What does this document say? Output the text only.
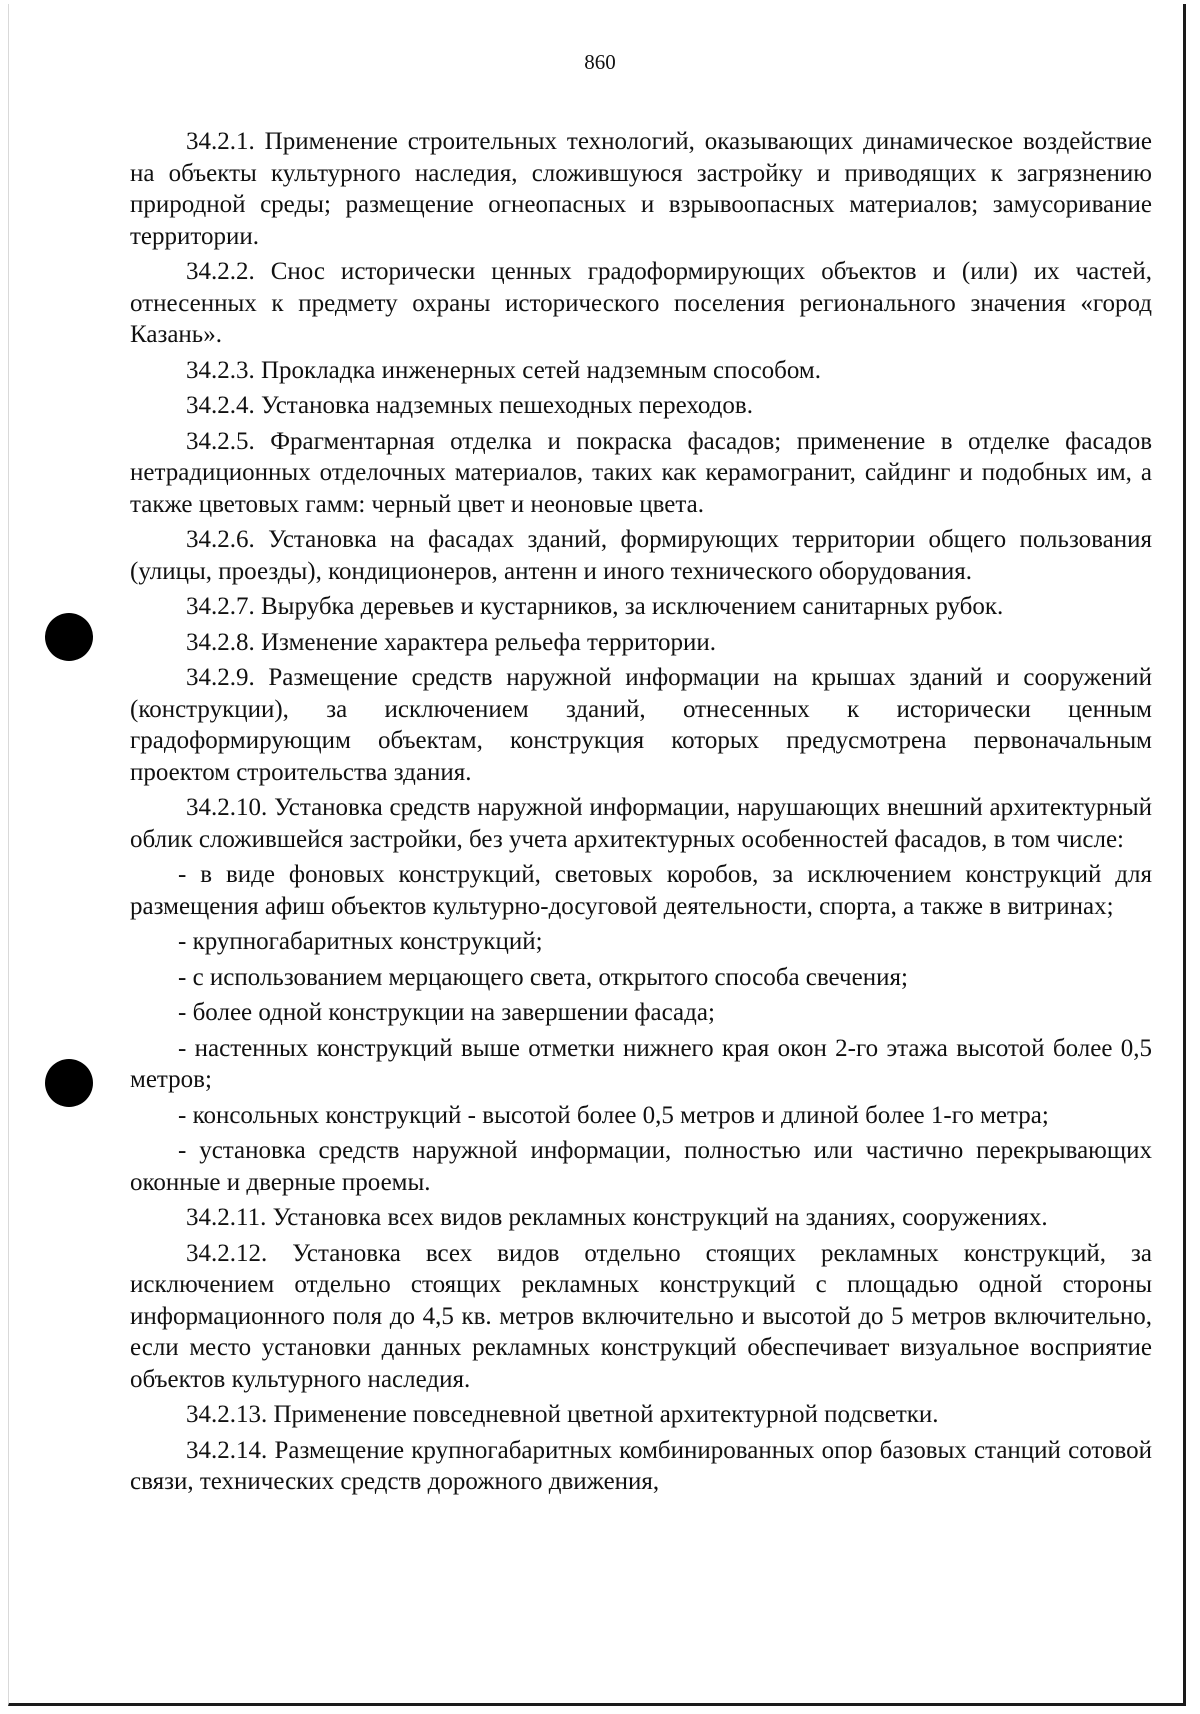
860

34.2.1. Применение строительных технологий, оказывающих динамическое воздействие на объекты культурного наследия, сложившуюся застройку и приводящих к загрязнению природной среды; размещение огнеопасных и взрывоопасных материалов; замусоривание территории.

34.2.2. Снос исторически ценных градоформирующих объектов и (или) их частей, отнесенных к предмету охраны исторического поселения регионального значения «город Казань».

34.2.3. Прокладка инженерных сетей надземным способом.

34.2.4. Установка надземных пешеходных переходов.

34.2.5. Фрагментарная отделка и покраска фасадов; применение в отделке фасадов нетрадиционных отделочных материалов, таких как керамогранит, сайдинг и подобных им, а также цветовых гамм: черный цвет и неоновые цвета.

34.2.6. Установка на фасадах зданий, формирующих территории общего пользования (улицы, проезды), кондиционеров, антенн и иного технического оборудования.

34.2.7. Вырубка деревьев и кустарников, за исключением санитарных рубок.

34.2.8. Изменение характера рельефа территории.

34.2.9. Размещение средств наружной информации на крышах зданий и сооружений (конструкции), за исключением зданий, отнесенных к исторически ценным градоформирующим объектам, конструкция которых предусмотрена первоначальным проектом строительства здания.

34.2.10. Установка средств наружной информации, нарушающих внешний архитектурный облик сложившейся застройки, без учета архитектурных особенностей фасадов, в том числе:

- в виде фоновых конструкций, световых коробов, за исключением конструкций для размещения афиш объектов культурно-досуговой деятельности, спорта, а также в витринах;

- крупногабаритных конструкций;

- с использованием мерцающего света, открытого способа свечения;

- более одной конструкции на завершении фасада;

- настенных конструкций выше отметки нижнего края окон 2-го этажа высотой более 0,5 метров;

- консольных конструкций - высотой более 0,5 метров и длиной более 1-го метра;

- установка средств наружной информации, полностью или частично перекрывающих оконные и дверные проемы.

34.2.11. Установка всех видов рекламных конструкций на зданиях, сооружениях.

34.2.12. Установка всех видов отдельно стоящих рекламных конструкций, за исключением отдельно стоящих рекламных конструкций с площадью одной стороны информационного поля до 4,5 кв. метров включительно и высотой до 5 метров включительно, если место установки данных рекламных конструкций обеспечивает визуальное восприятие объектов культурного наследия.

34.2.13. Применение повседневной цветной архитектурной подсветки.

34.2.14. Размещение крупногабаритных комбинированных опор базовых станций сотовой связи, технических средств дорожного движения,
